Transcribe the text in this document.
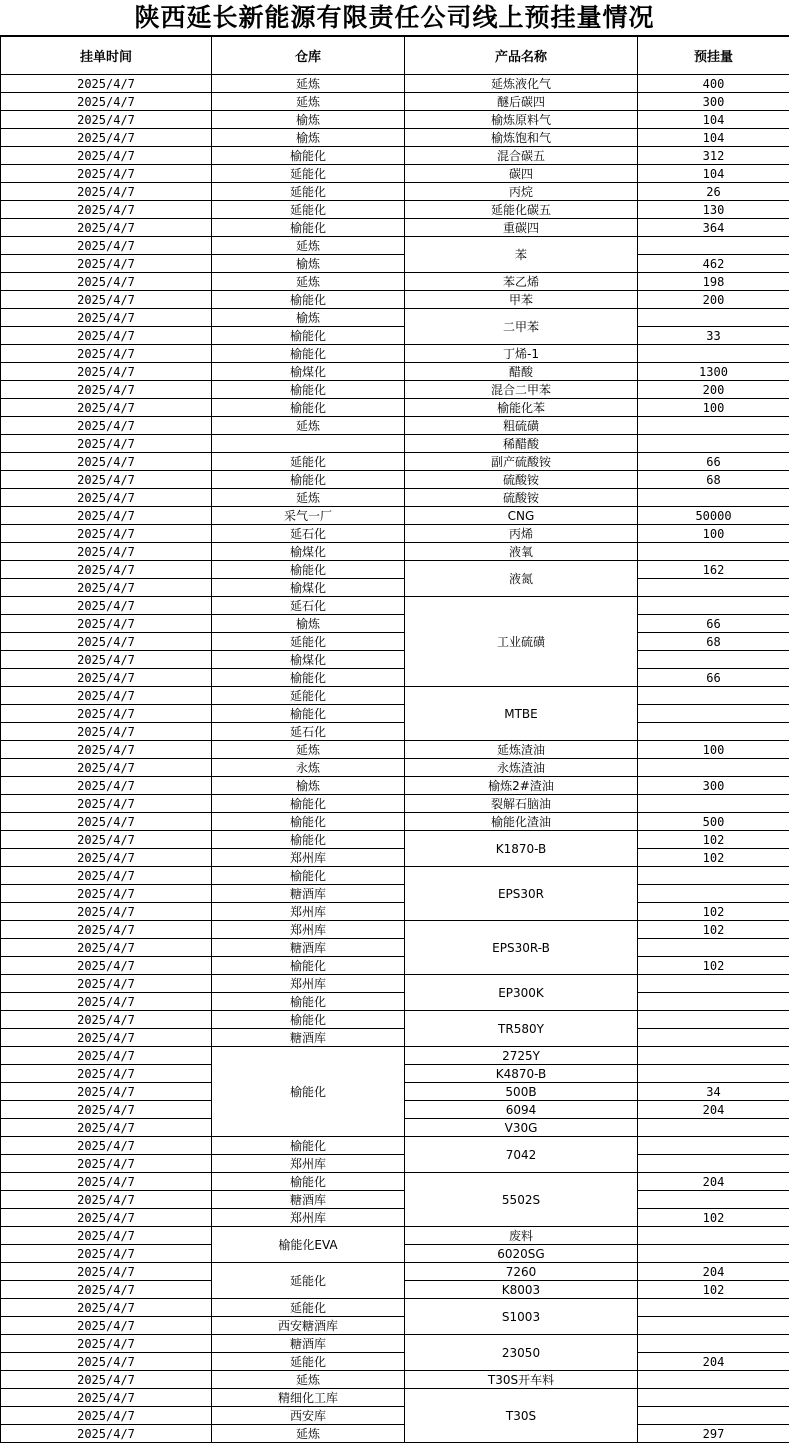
陕西延长新能源有限责任公司线上预挂量情况
挂单时间	仓库	产品名称	预挂量
2025/4/7	延炼	延炼液化气	400
2025/4/7	延炼	醚后碳四	300
2025/4/7	榆炼	榆炼原料气	104
2025/4/7	榆炼	榆炼饱和气	104
2025/4/7	榆能化	混合碳五	312
2025/4/7	延能化	碳四	104
2025/4/7	延能化	丙烷	26
2025/4/7	延能化	延能化碳五	130
2025/4/7	榆能化	重碳四	364
2025/4/7	延炼	苯	
2025/4/7	榆炼		462
2025/4/7	延炼	苯乙烯	198
2025/4/7	榆能化	甲苯	200
2025/4/7	榆炼	二甲苯	
2025/4/7	榆能化		33
2025/4/7	榆能化	丁烯-1	
2025/4/7	榆煤化	醋酸	1300
2025/4/7	榆能化	混合二甲苯	200
2025/4/7	榆能化	榆能化苯	100
2025/4/7	延炼	粗硫磺	
2025/4/7		稀醋酸	
2025/4/7	延能化	副产硫酸铵	66
2025/4/7	榆能化	硫酸铵	68
2025/4/7	延炼	硫酸铵	
2025/4/7	采气一厂	CNG	50000
2025/4/7	延石化	丙烯	100
2025/4/7	榆煤化	液氧	
2025/4/7	榆能化	液氮	162
2025/4/7	榆煤化		
2025/4/7	延石化	工业硫磺	
2025/4/7	榆炼		66
2025/4/7	延能化		68
2025/4/7	榆煤化		
2025/4/7	榆能化		66
2025/4/7	延能化	MTBE	
2025/4/7	榆能化		
2025/4/7	延石化		
2025/4/7	延炼	延炼渣油	100
2025/4/7	永炼	永炼渣油	
2025/4/7	榆炼	榆炼2#渣油	300
2025/4/7	榆能化	裂解石脑油	
2025/4/7	榆能化	榆能化渣油	500
2025/4/7	榆能化	K1870-B	102
2025/4/7	郑州库		102
2025/4/7	榆能化	EPS30R	
2025/4/7	糖酒库		
2025/4/7	郑州库		102
2025/4/7	郑州库	EPS30R-B	102
2025/4/7	糖酒库		
2025/4/7	榆能化		102
2025/4/7	郑州库	EP300K	
2025/4/7	榆能化		
2025/4/7	榆能化	TR580Y	
2025/4/7	糖酒库		
2025/4/7	榆能化	2725Y	
2025/4/7		K4870-B	
2025/4/7		500B	34
2025/4/7		6094	204
2025/4/7		V30G	
2025/4/7	榆能化	7042	
2025/4/7	郑州库		
2025/4/7	榆能化	5502S	204
2025/4/7	糖酒库		
2025/4/7	郑州库		102
2025/4/7	榆能化EVA	废料	
2025/4/7		6020SG	
2025/4/7	延能化	7260	204
2025/4/7		K8003	102
2025/4/7	延能化	S1003	
2025/4/7	西安糖酒库		
2025/4/7	糖酒库	23050	
2025/4/7	延能化		204
2025/4/7	延炼	T30S开车料	
2025/4/7	精细化工库	T30S	
2025/4/7	西安库		
2025/4/7	延炼		297
